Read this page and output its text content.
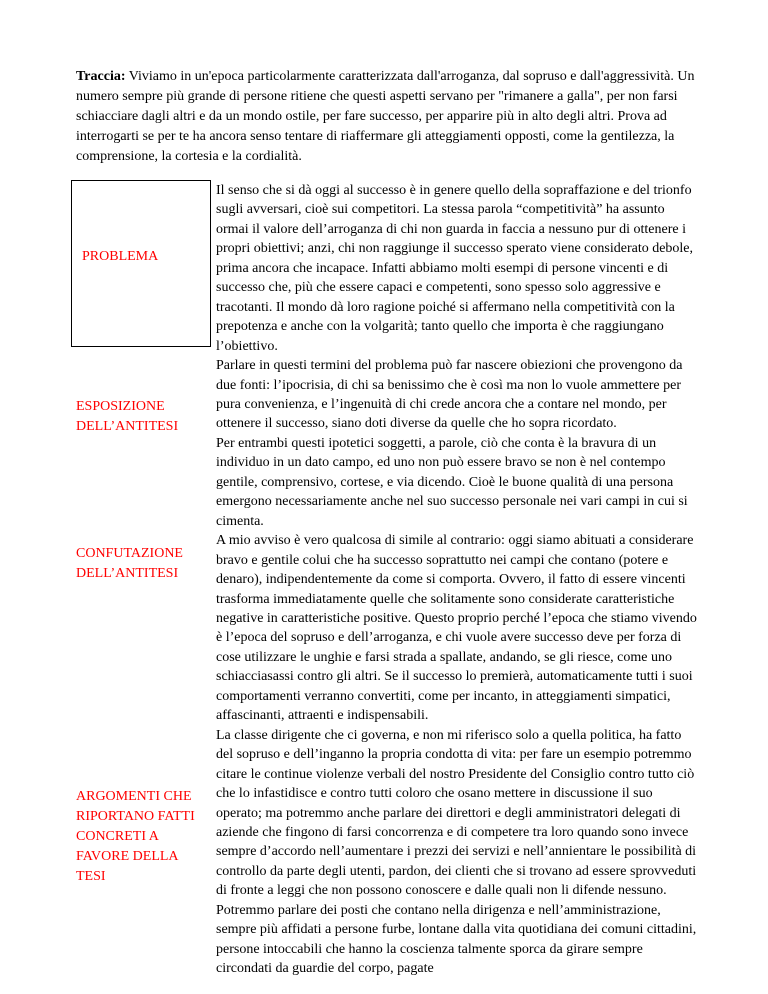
Traccia: Viviamo in un'epoca particolarmente caratterizzata dall'arroganza, dal sopruso e dall'aggressività. Un numero sempre più grande di persone ritiene che questi aspetti servano per "rimanere a galla", per non farsi schiacciare dagli altri e da un mondo ostile, per fare successo, per apparire più in alto degli altri. Prova ad interrogarti se per te ha ancora senso tentare di riaffermare gli atteggiamenti opposti, come la gentilezza, la comprensione, la cortesia e la cordialità.

PROBLEMA
ESPOSIZIONE DELL’ANTITESI
CONFUTAZIONE DELL’ANTITESI
ARGOMENTI CHE RIPORTANO FATTI CONCRETI A FAVORE DELLA TESI

Il senso che si dà oggi al successo è in genere quello della sopraffazione e del trionfo sugli avversari, cioè sui competitori. La stessa parola “competitività” ha assunto ormai il valore dell’arroganza di chi non guarda in faccia a nessuno pur di ottenere i propri obiettivi; anzi, chi non raggiunge il successo sperato viene considerato debole, prima ancora che incapace. Infatti abbiamo molti esempi di persone vincenti e di successo che, più che essere capaci e competenti, sono spesso solo aggressive e tracotanti. Il mondo dà loro ragione poiché si affermano nella competitività con la prepotenza e anche con la volgarità; tanto quello che importa è che raggiungano l’obiettivo.

Parlare in questi termini del problema può far nascere obiezioni che provengono da due fonti: l’ipocrisia, di chi sa benissimo che è così ma non lo vuole ammettere per pura convenienza, e l’ingenuità di chi crede ancora che a contare nel mondo, per ottenere il successo, siano doti diverse da quelle che ho sopra ricordato.

Per entrambi questi ipotetici soggetti, a parole, ciò che conta è la bravura di un individuo in un dato campo, ed uno non può essere bravo se non è nel contempo gentile, comprensivo, cortese, e via dicendo. Cioè le buone qualità di una persona emergono necessariamente anche nel suo successo personale nei vari campi in cui si cimenta.

A mio avviso è vero qualcosa di simile al contrario: oggi siamo abituati a considerare bravo e gentile colui che ha successo soprattutto nei campi che contano (potere e denaro), indipendentemente da come si comporta. Ovvero, il fatto di essere vincenti trasforma immediatamente quelle che solitamente sono considerate caratteristiche negative in caratteristiche positive. Questo proprio perché l’epoca che stiamo vivendo è l’epoca del sopruso e dell’arroganza, e chi vuole avere successo deve per forza di cose utilizzare le unghie e farsi strada a spallate, andando, se gli riesce, come uno schiacciasassi contro gli altri. Se il successo lo premierà, automaticamente tutti i suoi comportamenti verranno convertiti, come per incanto, in atteggiamenti simpatici, affascinanti, attraenti e indispensabili.

La classe dirigente che ci governa, e non mi riferisco solo a quella politica, ha fatto del sopruso e dell’inganno la propria condotta di vita: per fare un esempio potremmo citare le continue violenze verbali del nostro Presidente del Consiglio contro tutto ciò che lo infastidisce e contro tutti coloro che osano mettere in discussione il suo operato; ma potremmo anche parlare dei direttori e degli amministratori delegati di aziende che fingono di farsi concorrenza e di competere tra loro quando sono invece sempre d’accordo nell’aumentare i prezzi dei servizi e nell’annientare le possibilità di controllo da parte degli utenti, pardon, dei clienti che si trovano ad essere sprovveduti di fronte a leggi che non possono conoscere e dalle quali non li difende nessuno. Potremmo parlare dei posti che contano nella dirigenza e nell’amministrazione, sempre più affidati a persone furbe, lontane dalla vita quotidiana dei comuni cittadini, persone intoccabili che hanno la coscienza talmente sporca da girare sempre circondati da guardie del corpo, pagate
